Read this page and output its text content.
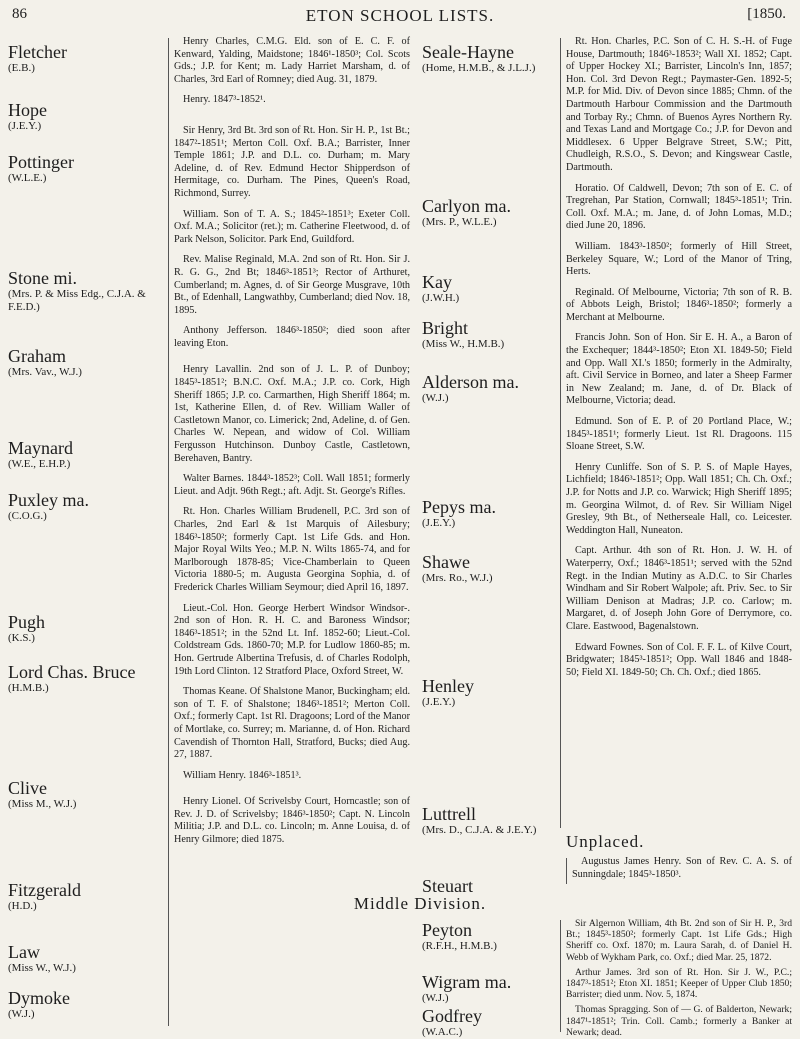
86	ETON SCHOOL LISTS.	[1850.
Fletcher
(E.B.)
Hope
(J.E.Y.)
Pottinger
(W.L.E.)
Stone mi.
(Mrs. P. & Miss Edg., C.J.A. & F.E.D.)
Graham
(Mrs. Vav., W.J.)
Maynard
(W.E., E.H.P.)
Puxley ma.
(C.O.G.)
Pugh
(K.S.)
Lord Chas. Bruce
(H.M.B.)
Clive
(Miss M., W.J.)
Fitzgerald
(H.D.)
Law
(Miss W., W.J.)
Dymoke
(W.J.)

Henry Charles, C.M.G. Eld. son of E. C. F. of Kenward, Yalding, Maidstone; 1846¹-1850³; Col. Scots Gds.; J.P. for Kent; m. Lady Harriet Marsham, d. of Charles, 3rd Earl of Romney; died Aug. 31, 1879.

Henry. 1847³-1852¹.

Sir Henry, 3rd Bt. 3rd son of Rt. Hon. Sir H. P., 1st Bt.; 1847²-1851¹; Merton Coll. Oxf. B.A.; Barrister, Inner Temple 1861; J.P. and D.L. co. Durham; m. Mary Adeline, d. of Rev. Edmund Hector Shipperdson of Hermitage, co. Durham. The Pines, Queen's Road, Richmond, Surrey.

William. Son of T. A. S.; 1845²-1851³; Exeter Coll. Oxf. M.A.; Solicitor (ret.); m. Catherine Fleetwood, d. of Park Nelson, Solicitor. Park End, Guildford.

Rev. Malise Reginald, M.A. 2nd son of Rt. Hon. Sir J. R. G. G., 2nd Bt; 1846³-1851³; Rector of Arthuret, Cumberland; m. Agnes, d. of Sir George Musgrave, 10th Bt., of Edenhall, Langwathby, Cumberland; died Nov. 18, 1895.

Anthony Jefferson. 1846³-1850²; died soon after leaving Eton.

Henry Lavallin. 2nd son of J. L. P. of Dunboy; 1845³-1851²; B.N.C. Oxf. M.A.; J.P. co. Cork, High Sheriff 1865; J.P. co. Carmarthen, High Sheriff 1864; m. 1st, Katherine Ellen, d. of Rev. William Waller of Castletown Manor, co. Limerick; 2nd, Adeline, d. of Gen. Charles W. Nepean, and widow of Col. William Fergusson Hutchinson. Dunboy Castle, Castletown, Berehaven, Bantry.

Walter Barnes. 1844³-1852³; Coll. Wall 1851; formerly Lieut. and Adjt. 96th Regt.; aft. Adjt. St. George's Rifles.

Rt. Hon. Charles William Brudenell, P.C. 3rd son of Charles, 2nd Earl & 1st Marquis of Ailesbury; 1846³-1850²; formerly Capt. 1st Life Gds. and Hon. Major Royal Wilts Yeo.; M.P. N. Wilts 1865-74, and for Marlborough 1878-85; Vice-Chamberlain to Queen Victoria 1880-5; m. Augusta Georgina Sophia, d. of Frederick Charles William Seymour; died April 16, 1897.

Lieut.-Col. Hon. George Herbert Windsor Windsor-. 2nd son of Hon. R. H. C. and Baroness Windsor; 1846³-1851²; in the 52nd Lt. Inf. 1852-60; Lieut.-Col. Coldstream Gds. 1860-70; M.P. for Ludlow 1860-85; m. Hon. Gertrude Albertina Trefusis, d. of Charles Rodolph, 19th Lord Clinton. 12 Stratford Place, Oxford Street, W.

Thomas Keane. Of Shalstone Manor, Buckingham; eld. son of T. F. of Shalstone; 1846³-1851²; Merton Coll. Oxf.; formerly Capt. 1st Rl. Dragoons; Lord of the Manor of Mortlake, co. Surrey; m. Marianne, d. of Hon. Richard Cavendish of Thornton Hall, Stratford, Bucks; died Aug. 27, 1887.

William Henry. 1846³-1851³.

Henry Lionel. Of Scrivelsby Court, Horncastle; son of Rev. J. D. of Scrivelsby; 1846³-1850²; Capt. N. Lincoln Militia; J.P. and D.L. co. Lincoln; m. Anne Louisa, d. of Henry Gilmore; died 1875.

Seale-Hayne
(Home, H.M.B., & J.L.J.)
Carlyon ma.
(Mrs. P., W.L.E.)
Kay
(J.W.H.)
Bright
(Miss W., H.M.B.)
Alderson ma.
(W.J.)
Pepys ma.
(J.E.Y.)
Shawe
(Mrs. Ro., W.J.)
Henley
(J.E.Y.)
Luttrell
(Mrs. D., C.J.A. & J.E.Y.)
Steuart

Rt. Hon. Charles, P.C. Son of C. H. S.-H. of Fuge House, Dartmouth; 1846³-1853²; Wall XI. 1852; Capt. of Upper Hockey XI.; Barrister, Lincoln's Inn, 1857; Hon. Col. 3rd Devon Regt.; Paymaster-Gen. 1892-5; M.P. for Mid. Div. of Devon since 1885; Chmn. of the Dartmouth Harbour Commission and the Dartmouth and Torbay Ry.; Chmn. of Buenos Ayres Northern Ry. and Texas Land and Mortgage Co.; J.P. for Devon and Middlesex. 6 Upper Belgrave Street, S.W.; Pitt, Chudleigh, R.S.O., S. Devon; and Kingswear Castle, Dartmouth.

Horatio. Of Caldwell, Devon; 7th son of E. C. of Tregrehan, Par Station, Cornwall; 1845³-1851¹; Trin. Coll. Oxf. M.A.; m. Jane, d. of John Lomas, M.D.; died June 20, 1896.

William. 1843³-1850²; formerly of Hill Street, Berkeley Square, W.; Lord of the Manor of Tring, Herts.

Reginald. Of Melbourne, Victoria; 7th son of R. B. of Abbots Leigh, Bristol; 1846³-1850²; formerly a Merchant at Melbourne.

Francis John. Son of Hon. Sir E. H. A., a Baron of the Exchequer; 1844³-1850²; Eton XI. 1849-50; Field and Opp. Wall XI.'s 1850; formerly in the Admiralty, aft. Civil Service in Borneo, and later a Sheep Farmer in New Zealand; m. Jane, d. of Dr. Black of Melbourne, Victoria; dead.

Edmund. Son of E. P. of 20 Portland Place, W.; 1845³-1851¹; formerly Lieut. 1st Rl. Dragoons. 115 Sloane Street, S.W.

Henry Cunliffe. Son of S. P. S. of Maple Hayes, Lichfield; 1846³-1851²; Opp. Wall 1851; Ch. Ch. Oxf.; J.P. for Notts and J.P. co. Warwick; High Sheriff 1895; m. Georgina Wilmot, d. of Rev. Sir William Nigel Gresley, 9th Bt., of Netherseale Hall, co. Leicester. Weddington Hall, Nuneaton.

Capt. Arthur. 4th son of Rt. Hon. J. W. H. of Waterperry, Oxf.; 1846³-1851¹; served with the 52nd Regt. in the Indian Mutiny as A.D.C. to Sir Charles Windham and Sir Robert Walpole; aft. Priv. Sec. to Sir William Denison at Madras; J.P. co. Carlow; m. Margaret, d. of Joseph John Gore of Derrymore, co. Clare. Eastwood, Bagenalstown.

Edward Fownes. Son of Col. F. F. L. of Kilve Court, Bridgwater; 1845³-1851²; Opp. Wall 1846 and 1848-50; Field XI. 1849-50; Ch. Ch. Oxf.; died 1865.

Unplaced.

Augustus James Henry. Son of Rev. C. A. S. of Sunningdale; 1845³-1850³.

Middle Division.
Peyton
(R.F.H., H.M.B.)
Wigram ma.
(W.J.)
Godfrey
(W.A.C.)

Sir Algernon William, 4th Bt. 2nd son of Sir H. P., 3rd Bt.; 1845³-1850²; formerly Capt. 1st Life Gds.; High Sheriff co. Oxf. 1870; m. Laura Sarah, d. of Daniel H. Webb of Wykham Park, co. Oxf.; died Mar. 25, 1872.

Arthur James. 3rd son of Rt. Hon. Sir J. W., P.C.; 1847³-1851²; Eton XI. 1851; Keeper of Upper Club 1850; Barrister; died unm. Nov. 5, 1874.

Thomas Spragging. Son of — G. of Balderton, Newark; 1847¹-1851²; Trin. Coll. Camb.; formerly a Banker at Newark; dead.
